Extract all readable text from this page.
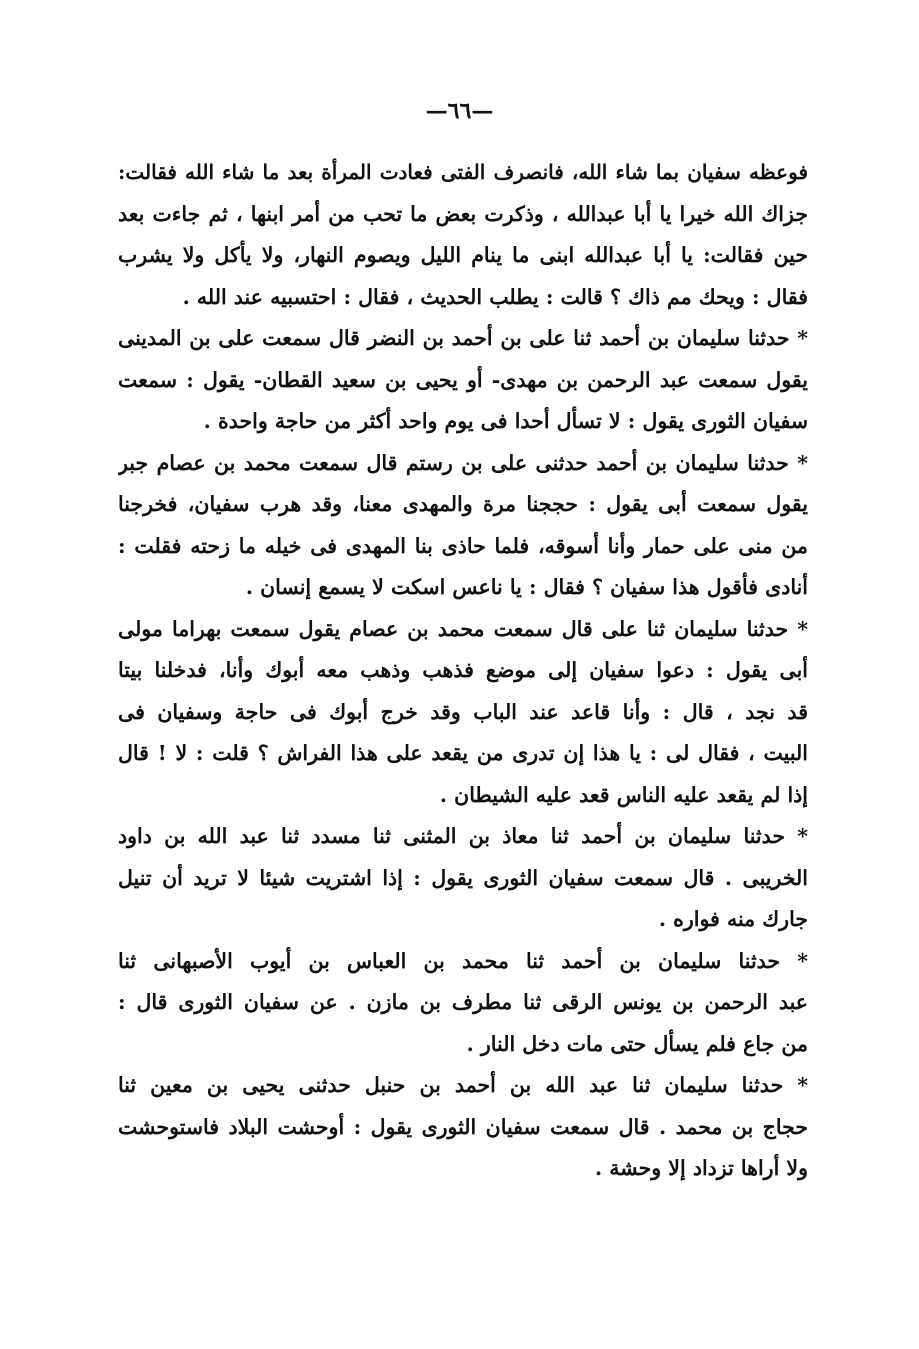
—٦٦—
فوعظه سفيان بما شاء الله، فانصرف الفتى فعادت المرأة بعد ما شاء الله فقالت:
جزاك الله خيرا يا أبا عبدالله ، وذكرت بعض ما تحب من أمر ابنها ، ثم جاءت بعد
حين فقالت: يا أبا عبدالله ابنى ما ينام الليل ويصوم النهار، ولا يأكل ولا يشرب
فقال : ويحك مم ذاك ؟ قالت : يطلب الحديث ، فقال : احتسبيه عند الله .
* حدثنا سليمان بن أحمد ثنا على بن أحمد بن النضر قال سمعت على بن المدينى
يقول سمعت عبد الرحمن بن مهدى- أو يحيى بن سعيد القطان- يقول : سمعت
سفيان الثورى يقول : لا تسأل أحدا فى يوم واحد أكثر من حاجة واحدة .
* حدثنا سليمان بن أحمد حدثنى على بن رستم قال سمعت محمد بن عصام جبر
يقول سمعت أبى يقول : حججنا مرة والمهدى معنا، وقد هرب سفيان، فخرجنا
من منى على حمار وأنا أسوقه، فلما حاذى بنا المهدى فى خيله ما زحته فقلت :
أنادى فأقول هذا سفيان ؟ فقال : يا ناعس اسكت لا يسمع إنسان .
* حدثنا سليمان ثنا على قال سمعت محمد بن عصام يقول سمعت بهراما مولى
أبى يقول : دعوا سفيان إلى موضع فذهب وذهب معه أبوك وأنا، فدخلنا بيتا
قد نجد ، قال : وأنا قاعد عند الباب وقد خرج أبوك فى حاجة وسفيان فى
البيت ، فقال لى : يا هذا إن تدرى من يقعد على هذا الفراش ؟ قلت : لا ! قال
إذا لم يقعد عليه الناس قعد عليه الشيطان .
* حدثنا سليمان بن أحمد ثنا معاذ بن المثنى ثنا مسدد ثنا عبد الله بن داود
الخريبى . قال سمعت سفيان الثورى يقول : إذا اشتريت شيئا لا تريد أن تنيل
جارك منه فواره .
* حدثنا سليمان بن أحمد ثنا محمد بن العباس بن أيوب الأصبهانى ثنا
عبد الرحمن بن يونس الرقى ثنا مطرف بن مازن . عن سفيان الثورى قال :
من جاع فلم يسأل حتى مات دخل النار .
* حدثنا سليمان ثنا عبد الله بن أحمد بن حنبل حدثنى يحيى بن معين ثنا
حجاج بن محمد . قال سمعت سفيان الثورى يقول : أوحشت البلاد فاستوحشت
ولا أراها تزداد إلا وحشة .
